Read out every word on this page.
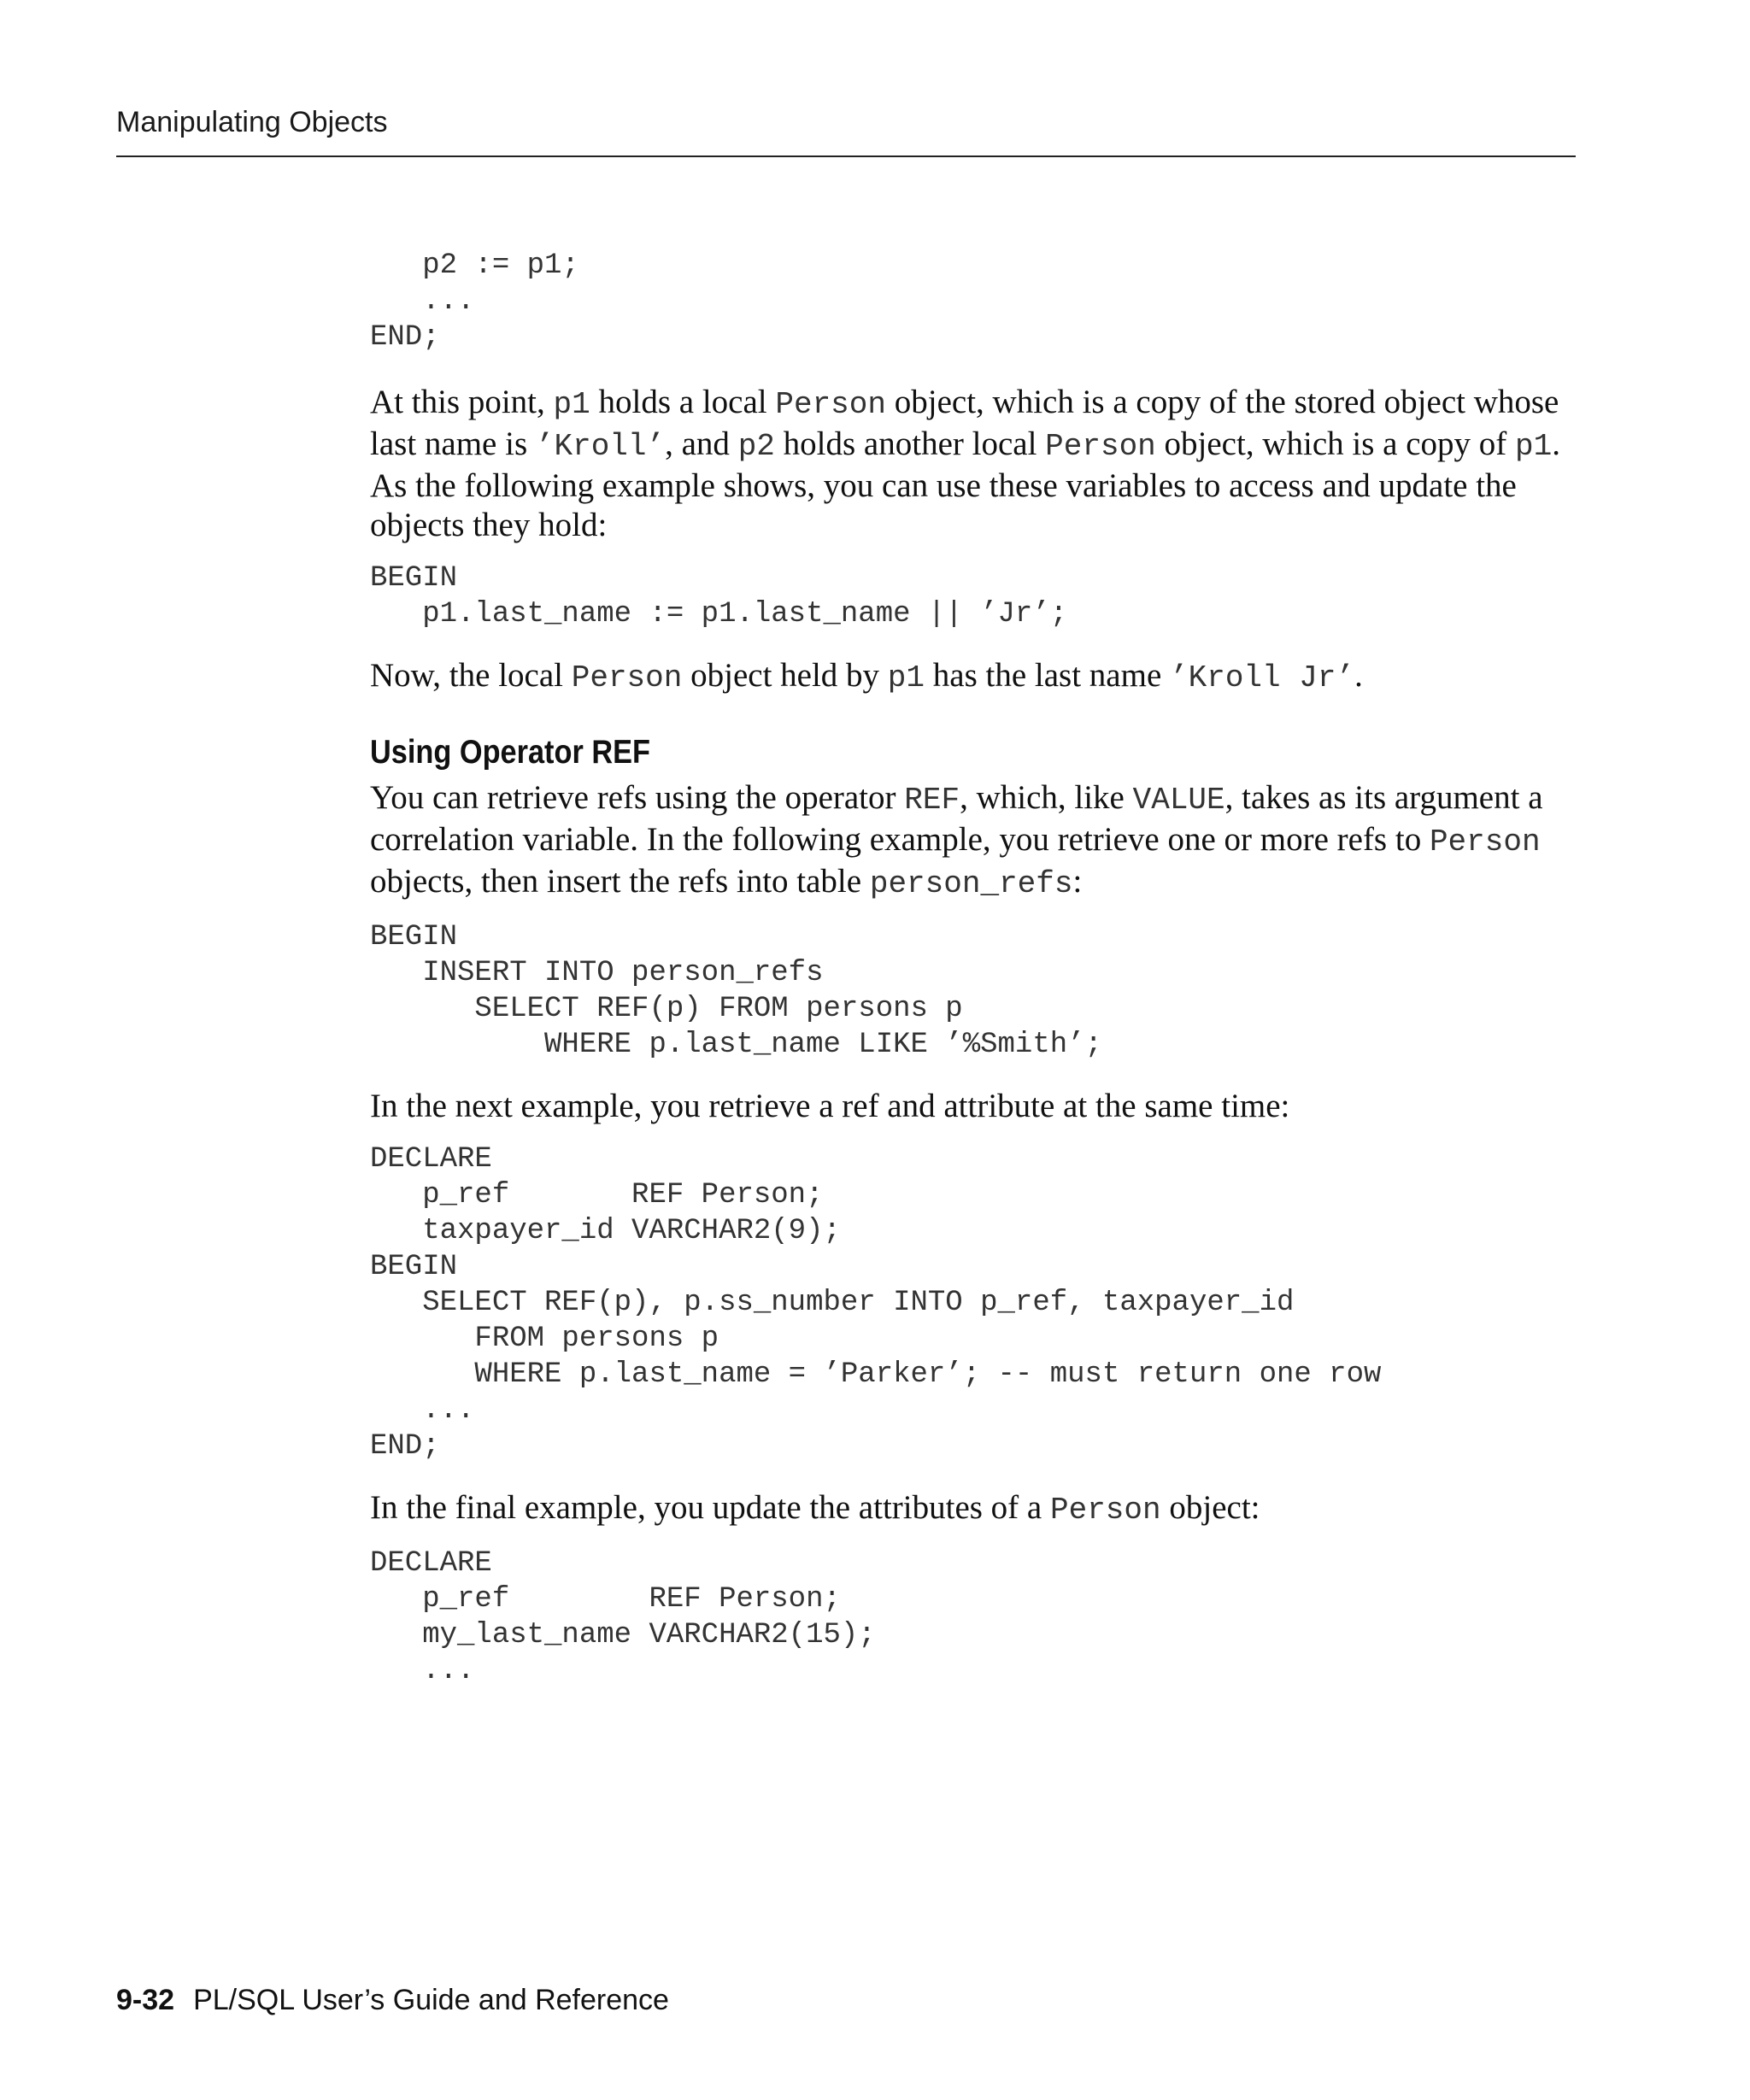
Manipulating Objects
p2 := p1;
...
END;

At this point, p1 holds a local Person object, which is a copy of the stored object whose last name is ’Kroll’, and p2 holds another local Person object, which is a copy of p1. As the following example shows, you can use these variables to access and update the objects they hold:

BEGIN
p1.last_name := p1.last_name || ’Jr’;

Now, the local Person object held by p1 has the last name ’Kroll Jr’.

Using Operator REF

You can retrieve refs using the operator REF, which, like VALUE, takes as its argument a correlation variable. In the following example, you retrieve one or more refs to Person objects, then insert the refs into table person_refs:

BEGIN
INSERT INTO person_refs
SELECT REF(p) FROM persons p
WHERE p.last_name LIKE ’%Smith’;

In the next example, you retrieve a ref and attribute at the same time:

DECLARE
p_ref       REF Person;
taxpayer_id VARCHAR2(9);
BEGIN
SELECT REF(p), p.ss_number INTO p_ref, taxpayer_id
FROM persons p
WHERE p.last_name = ’Parker’; -- must return one row
...
END;

In the final example, you update the attributes of a Person object:

DECLARE
p_ref        REF Person;
my_last_name VARCHAR2(15);
...
9-32 PL/SQL User’s Guide and Reference
